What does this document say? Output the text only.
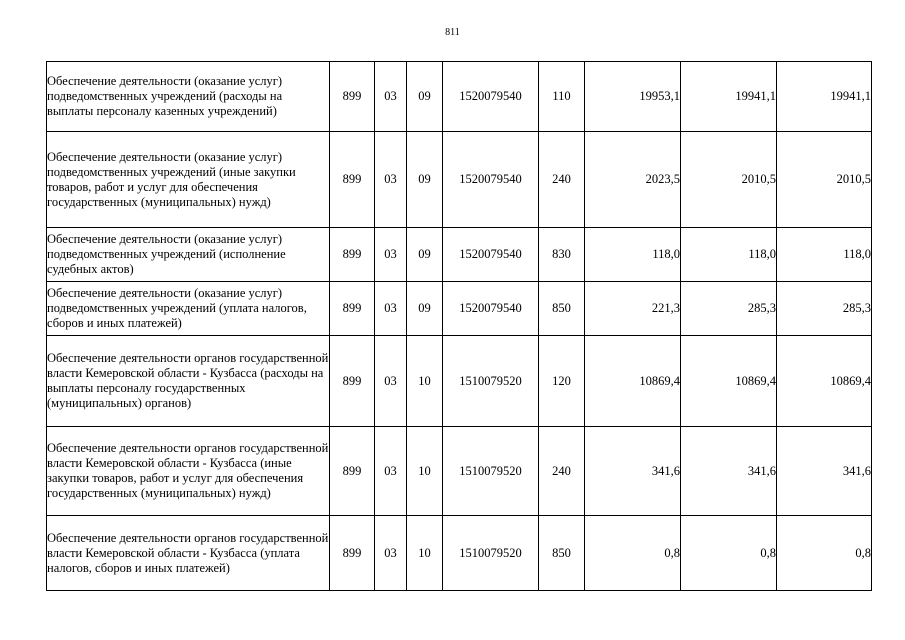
811
Обеспечение деятельности (оказание услуг) подведомственных учреждений (расходы на выплаты персоналу казенных учреждений)	899	03	09	1520079540	110	19953,1	19941,1	19941,1
Обеспечение деятельности (оказание услуг) подведомственных учреждений (иные закупки товаров, работ и услуг для обеспечения государственных (муниципальных) нужд)	899	03	09	1520079540	240	2023,5	2010,5	2010,5
Обеспечение деятельности (оказание услуг) подведомственных учреждений (исполнение судебных актов)	899	03	09	1520079540	830	118,0	118,0	118,0
Обеспечение деятельности (оказание услуг) подведомственных учреждений (уплата налогов, сборов и иных платежей)	899	03	09	1520079540	850	221,3	285,3	285,3
Обеспечение деятельности органов государственной власти Кемеровской области - Кузбасса (расходы на выплаты персоналу государственных (муниципальных) органов)	899	03	10	1510079520	120	10869,4	10869,4	10869,4
Обеспечение деятельности органов государственной власти Кемеровской области - Кузбасса (иные закупки товаров, работ и услуг для обеспечения государственных (муниципальных) нужд)	899	03	10	1510079520	240	341,6	341,6	341,6
Обеспечение деятельности органов государственной власти Кемеровской области - Кузбасса (уплата налогов, сборов и иных платежей)	899	03	10	1510079520	850	0,8	0,8	0,8
